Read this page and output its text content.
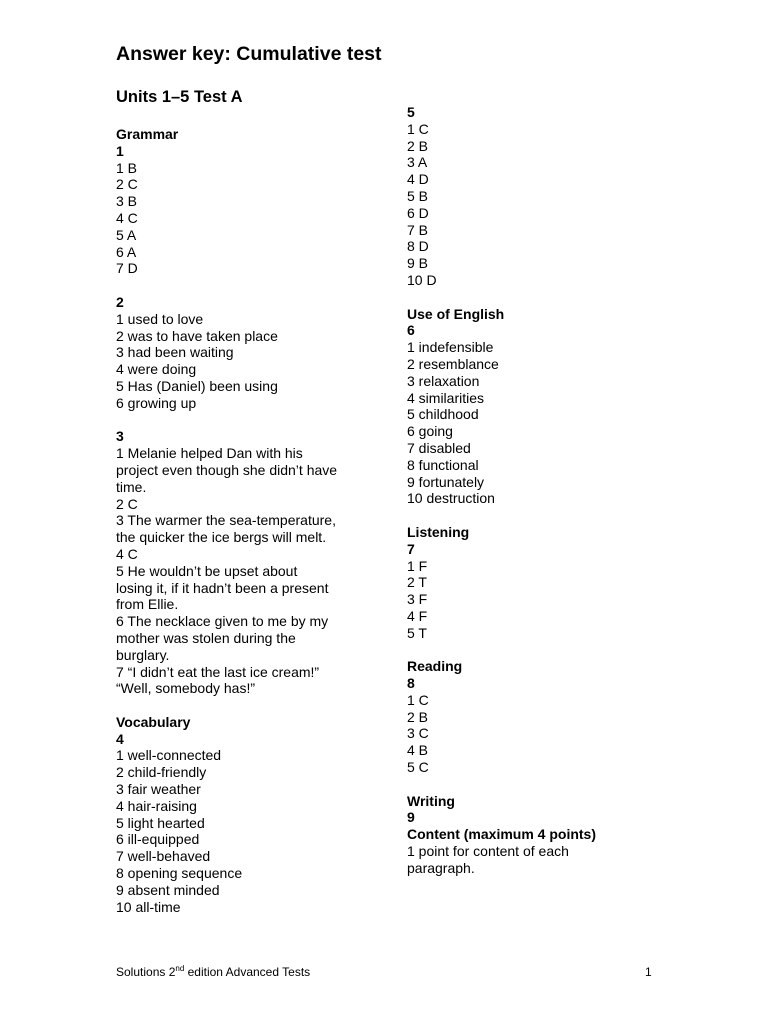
Answer key: Cumulative test
Units 1–5 Test A
Grammar
1
1 B
2 C
3 B
4 C
5 A
6 A
7 D
2
1 used to love
2 was to have taken place
3 had been waiting
4 were doing
5 Has (Daniel) been using
6 growing up
3
1 Melanie helped Dan with his
project even though she didn’t have
time.
2 C
3 The warmer the sea-temperature,
the quicker the ice bergs will melt.
4 C
5 He wouldn’t be upset about
losing it, if it hadn’t been a present
from Ellie.
6 The necklace given to me by my
mother was stolen during the
burglary.
7 “I didn’t eat the last ice cream!”
“Well, somebody has!”
Vocabulary
4
1 well-connected
2 child-friendly
3 fair weather
4 hair-raising
5 light hearted
6 ill-equipped
7 well-behaved
8 opening sequence
9 absent minded
10 all-time
5
1 C
2 B
3 A
4 D
5 B
6 D
7 B
8 D
9 B
10 D
Use of English
6
1 indefensible
2 resemblance
3 relaxation
4 similarities
5 childhood
6 going
7 disabled
8 functional
9 fortunately
10 destruction
Listening
7
1 F
2 T
3 F
4 F
5 T
Reading
8
1 C
2 B
3 C
4 B
5 C
Writing
9
Content (maximum 4 points)
1 point for content of each
paragraph.
Solutions 2nd edition Advanced Tests	1
